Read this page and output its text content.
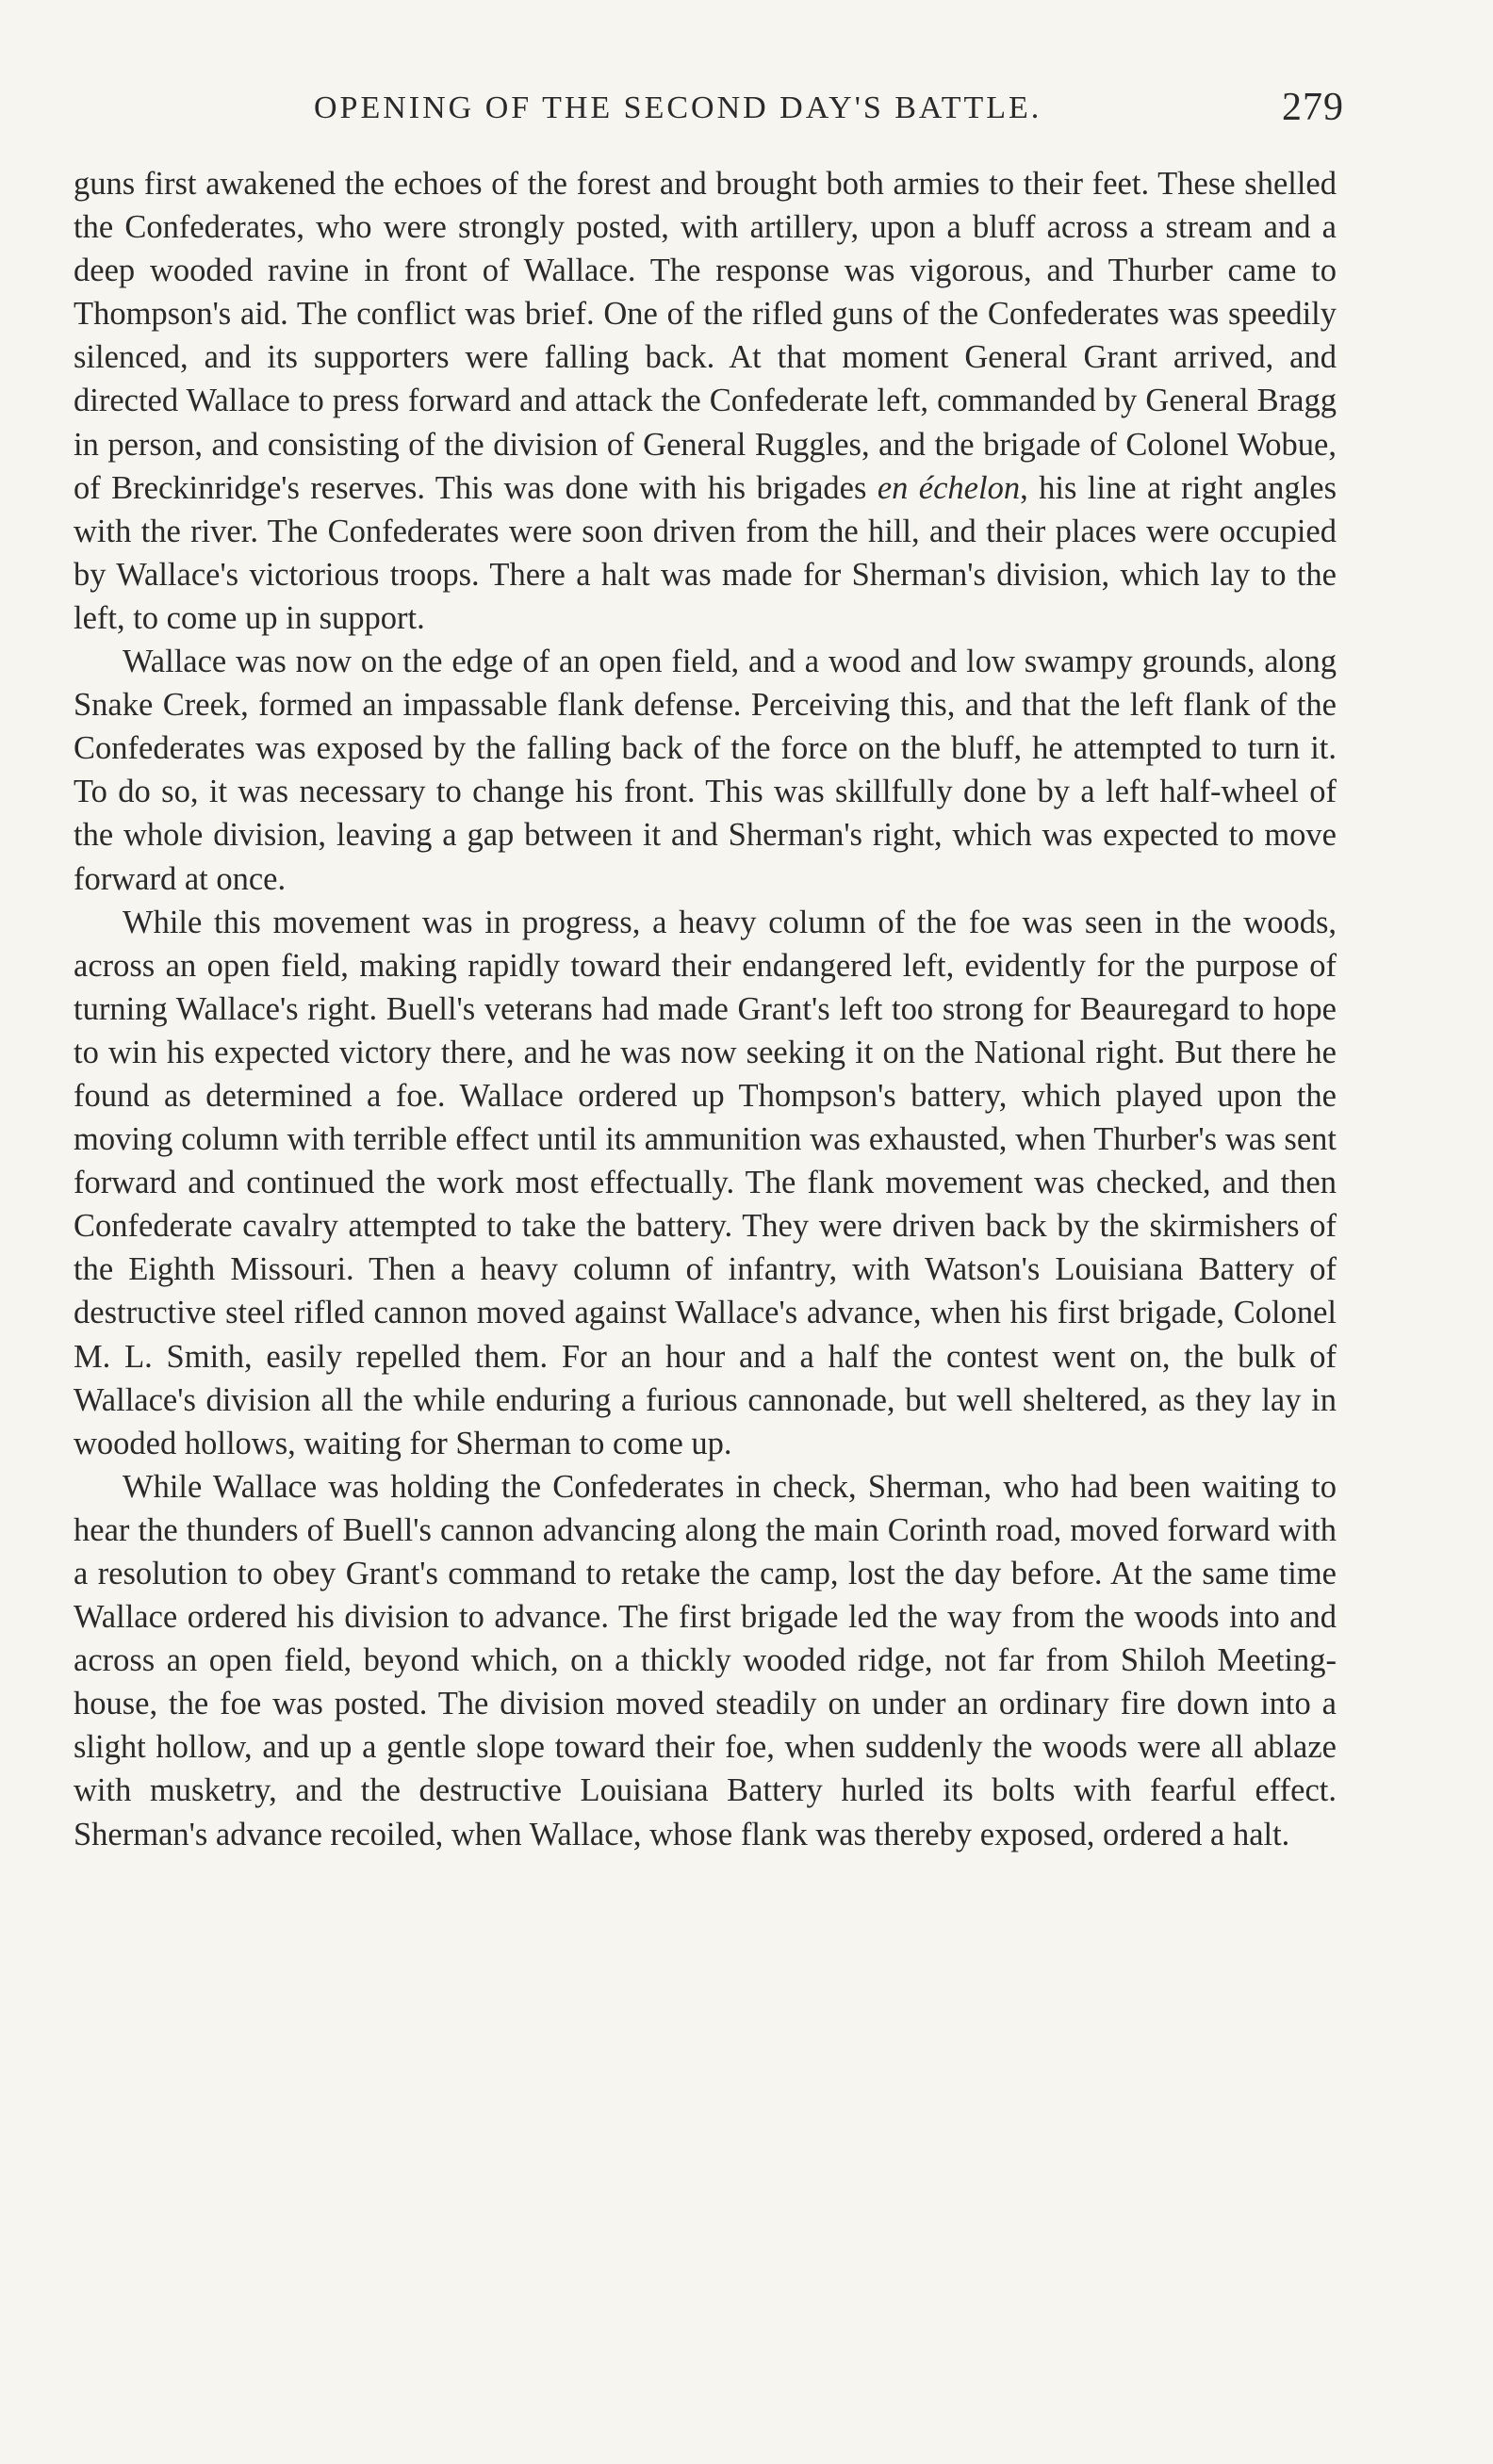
OPENING OF THE SECOND DAY'S BATTLE.	279

guns first awakened the echoes of the forest and brought both armies to their feet. These shelled the Confederates, who were strongly posted, with artillery, upon a bluff across a stream and a deep wooded ravine in front of Wallace. The response was vigorous, and Thurber came to Thompson's aid. The conflict was brief. One of the rifled guns of the Confederates was speedily silenced, and its supporters were falling back. At that moment General Grant arrived, and directed Wallace to press forward and attack the Confederate left, commanded by General Bragg in person, and consisting of the division of General Ruggles, and the brigade of Colonel Wobue, of Breckinridge's reserves. This was done with his brigades en échelon, his line at right angles with the river. The Confederates were soon driven from the hill, and their places were occupied by Wallace's victorious troops. There a halt was made for Sherman's division, which lay to the left, to come up in support.

Wallace was now on the edge of an open field, and a wood and low swampy grounds, along Snake Creek, formed an impassable flank defense. Perceiving this, and that the left flank of the Confederates was exposed by the falling back of the force on the bluff, he attempted to turn it. To do so, it was necessary to change his front. This was skillfully done by a left half-wheel of the whole division, leaving a gap between it and Sherman's right, which was expected to move forward at once.

While this movement was in progress, a heavy column of the foe was seen in the woods, across an open field, making rapidly toward their endangered left, evidently for the purpose of turning Wallace's right. Buell's veterans had made Grant's left too strong for Beauregard to hope to win his expected victory there, and he was now seeking it on the National right. But there he found as determined a foe. Wallace ordered up Thompson's battery, which played upon the moving column with terrible effect until its ammunition was exhausted, when Thurber's was sent forward and continued the work most effectually. The flank movement was checked, and then Confederate cavalry attempted to take the battery. They were driven back by the skirmishers of the Eighth Missouri. Then a heavy column of infantry, with Watson's Louisiana Battery of destructive steel rifled cannon moved against Wallace's advance, when his first brigade, Colonel M. L. Smith, easily repelled them. For an hour and a half the contest went on, the bulk of Wallace's division all the while enduring a furious cannonade, but well sheltered, as they lay in wooded hollows, waiting for Sherman to come up.

While Wallace was holding the Confederates in check, Sherman, who had been waiting to hear the thunders of Buell's cannon advancing along the main Corinth road, moved forward with a resolution to obey Grant's command to retake the camp, lost the day before. At the same time Wallace ordered his division to advance. The first brigade led the way from the woods into and across an open field, beyond which, on a thickly wooded ridge, not far from Shiloh Meeting-house, the foe was posted. The division moved steadily on under an ordinary fire down into a slight hollow, and up a gentle slope toward their foe, when suddenly the woods were all ablaze with musketry, and the destructive Louisiana Battery hurled its bolts with fearful effect. Sherman's advance recoiled, when Wallace, whose flank was thereby exposed, ordered a halt.
